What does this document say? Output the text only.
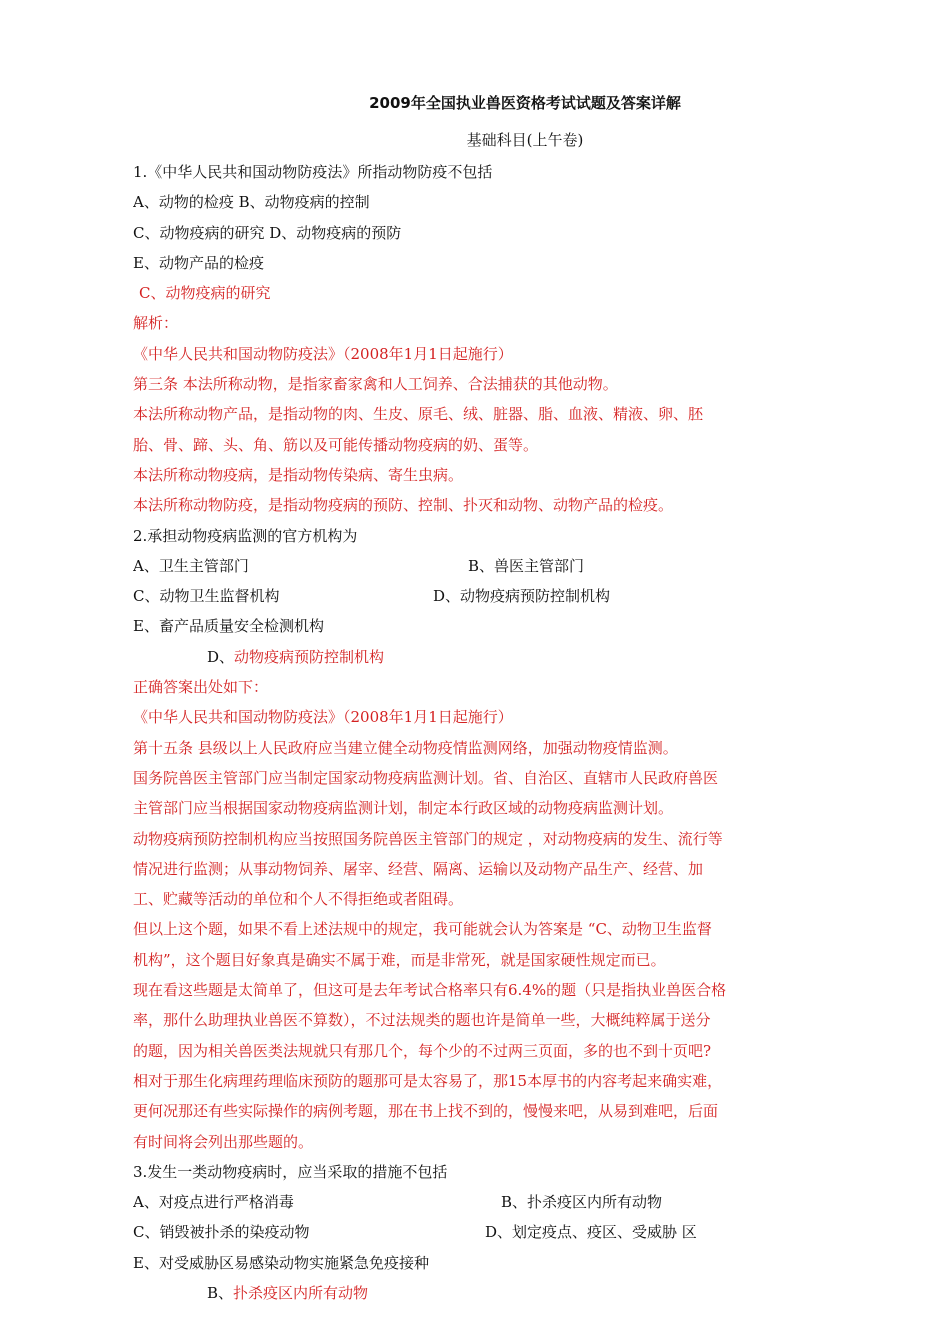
2009年全国执业兽医资格考试试题及答案详解
基础科目(上午卷)
1.《中华人民共和国动物防疫法》所指动物防疫不包括
A、动物的检疫 B、动物疫病的控制
C、动物疫病的研究 D、动物疫病的预防
E、动物产品的检疫
C、动物疫病的研究
解析：
《中华人民共和国动物防疫法》（2008年1月1日起施行）
第三条 本法所称动物，是指家畜家禽和人工饲养、合法捕获的其他动物。
本法所称动物产品，是指动物的肉、生皮、原毛、绒、脏器、脂、血液、精液、卵、胚
胎、骨、蹄、头、角、筋以及可能传播动物疫病的奶、蛋等。
本法所称动物疫病，是指动物传染病、寄生虫病。
本法所称动物防疫，是指动物疫病的预防、控制、扑灭和动物、动物产品的检疫。
2.承担动物疫病监测的官方机构为
A、卫生主管部门	B、兽医主管部门
C、动物卫生监督机构	D、动物疫病预防控制机构
E、畜产品质量安全检测机构
D、动物疫病预防控制机构
正确答案出处如下：
《中华人民共和国动物防疫法》（2008年1月1日起施行）
第十五条 县级以上人民政府应当建立健全动物疫情监测网络，加强动物疫情监测。
国务院兽医主管部门应当制定国家动物疫病监测计划。省、自治区、直辖市人民政府兽医
主管部门应当根据国家动物疫病监测计划，制定本行政区域的动物疫病监测计划。
动物疫病预防控制机构应当按照国务院兽医主管部门的规定 ，对动物疫病的发生、流行等
情况进行监测；从事动物饲养、屠宰、经营、隔离、运输以及动物产品生产、经营、加
工、贮藏等活动的单位和个人不得拒绝或者阻碍。
但以上这个题，如果不看上述法规中的规定，我可能就会认为答案是 “C、动物卫生监督
机构”，这个题目好象真是确实不属于难，而是非常死，就是国家硬性规定而已。
现在看这些题是太简单了，但这可是去年考试合格率只有6.4%的题（只是指执业兽医合格
率，那什么助理执业兽医不算数），不过法规类的题也许是简单一些，大概纯粹属于送分
的题，因为相关兽医类法规就只有那几个，每个少的不过两三页面，多的也不到十页吧?
相对于那生化病理药理临床预防的题那可是太容易了，那15本厚书的内容考起来确实难，
更何况那还有些实际操作的病例考题，那在书上找不到的，慢慢来吧，从易到难吧，后面
有时间将会列出那些题的。
3.发生一类动物疫病时，应当采取的措施不包括
A、对疫点进行严格消毒	B、扑杀疫区内所有动物
C、销毁被扑杀的染疫动物	D、划定疫点、疫区、受威胁 区
E、对受威胁区易感染动物实施紧急免疫接种
B、扑杀疫区内所有动物
